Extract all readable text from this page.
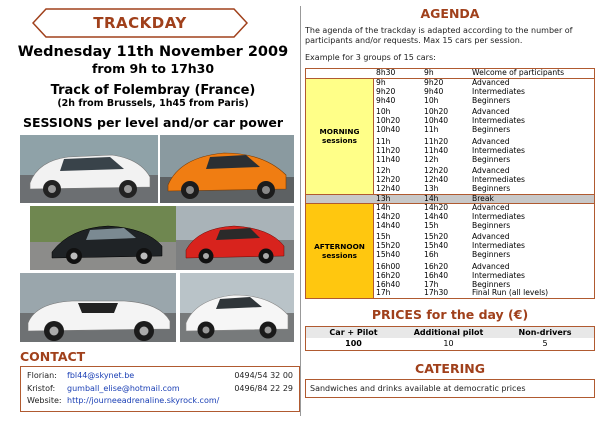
TRACKDAY
Wednesday 11th November 2009
from 9h to 17h30
Track of Folembray (France)
(2h from Brussels, 1h45 from Paris)
SESSIONS per level and/or car power
CONTACT
Florian:	fbl44@skynet.be	0494/54 32 00
Kristof:	gumball_elise@hotmail.com	0496/84 22 29
Website: http://journeeadrenaline.skyrock.com/
AGENDA
The agenda of the trackday is adapted according to the number of participants and/or requests. Max 15 cars per session.
Example for 3 groups of 15 cars:
8h30	9h	Welcome of participants
MORNING sessions
9h	9h20	Advanced
9h20	9h40	Intermediates
9h40	10h	Beginners
10h	10h20	Advanced
10h20	10h40	Intermediates
10h40	11h	Beginners
11h	11h20	Advanced
11h20	11h40	Intermediates
11h40	12h	Beginners
12h	12h20	Advanced
12h20	12h40	Intermediates
12h40	13h	Beginners
13h	14h	Break
AFTERNOON sessions
14h	14h20	Advanced
14h20	14h40	Intermediates
14h40	15h	Beginners
15h	15h20	Advanced
15h20	15h40	Intermediates
15h40	16h	Beginners
16h00	16h20	Advanced
16h20	16h40	Intermediates
16h40	17h	Beginners
17h	17h30	Final Run (all levels)
PRICES for the day (€)
Car + Pilot	Additional pilot	Non-drivers
100	10	5
CATERING
Sandwiches and drinks available at democratic prices
